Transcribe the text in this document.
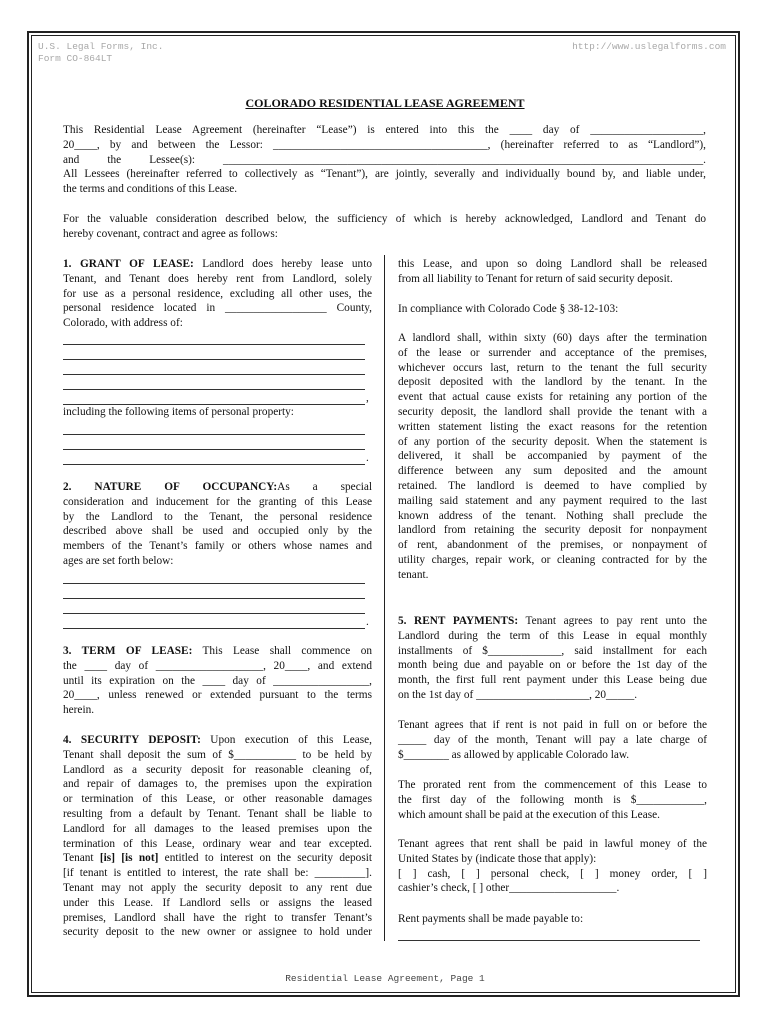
U.S. Legal Forms, Inc.
Form CO-864LT
http://www.uslegalforms.com
COLORADO RESIDENTIAL LEASE AGREEMENT
This Residential Lease Agreement (hereinafter “Lease”) is entered into this the ____ day of ____________________,
20____, by and between the Lessor: ______________________________________, (hereinafter referred to as “Landlord”),
and the Lessee(s): _____________________________________________________________________________________.
All Lessees (hereinafter referred to collectively as “Tenant”), are jointly, severally and individually bound by, and liable under,
the terms and conditions of this Lease.
For the valuable consideration described below, the sufficiency of which is hereby acknowledged, Landlord and Tenant do
hereby covenant, contract and agree as follows:
1. GRANT OF LEASE: Landlord does hereby lease unto
Tenant, and Tenant does hereby rent from Landlord, solely
for use as a personal residence, excluding all other uses, the
personal residence located in __________________ County,
Colorado, with address of:
,
including the following items of personal property:
.
2. NATURE OF OCCUPANCY:As a special
consideration and inducement for the granting of this Lease
by the Landlord to the Tenant, the personal residence
described above shall be used and occupied only by the
members of the Tenant’s family or others whose names and
ages are set forth below:
.
3. TERM OF LEASE: This Lease shall commence on
the ____ day of ___________________, 20____, and extend
until its expiration on the ____ day of _________________,
20____, unless renewed or extended pursuant to the terms
herein.
4. SECURITY DEPOSIT: Upon execution of this Lease,
Tenant shall deposit the sum of $___________ to be held by
Landlord as a security deposit for reasonable cleaning of,
and repair of damages to, the premises upon the expiration
or termination of this Lease, or other reasonable damages
resulting from a default by Tenant. Tenant shall be liable to
Landlord for all damages to the leased premises upon the
termination of this Lease, ordinary wear and tear excepted.
Tenant [is] [is not] entitled to interest on the security deposit
[if tenant is entitled to interest, the rate shall be: _________].
Tenant may not apply the security deposit to any rent due
under this Lease. If Landlord sells or assigns the leased
premises, Landlord shall have the right to transfer Tenant’s
security deposit to the new owner or assignee to hold under
this Lease, and upon so doing Landlord shall be released
from all liability to Tenant for return of said security deposit.
In compliance with Colorado Code § 38-12-103:
A landlord shall, within sixty (60) days after the termination
of the lease or surrender and acceptance of the premises,
whichever occurs last, return to the tenant the full security
deposit deposited with the landlord by the tenant. In the
event that actual cause exists for retaining any portion of the
security deposit, the landlord shall provide the tenant with a
written statement listing the exact reasons for the retention
of any portion of the security deposit. When the statement is
delivered, it shall be accompanied by payment of the
difference between any sum deposited and the amount
retained. The landlord is deemed to have complied by
mailing said statement and any payment required to the last
known address of the tenant. Nothing shall preclude the
landlord from retaining the security deposit for nonpayment
of rent, abandonment of the premises, or nonpayment of
utility charges, repair work, or cleaning contracted for by the
tenant.
5. RENT PAYMENTS: Tenant agrees to pay rent unto the
Landlord during the term of this Lease in equal monthly
installments of $_____________, said installment for each
month being due and payable on or before the 1st day of the
month, the first full rent payment under this Lease being due
on the 1st day of ____________________, 20_____.
Tenant agrees that if rent is not paid in full on or before the
_____ day of the month, Tenant will pay a late charge of
$________ as allowed by applicable Colorado law.
The prorated rent from the commencement of this Lease to
the first day of the following month is $____________,
which amount shall be paid at the execution of this Lease.
Tenant agrees that rent shall be paid in lawful money of the
United States by (indicate those that apply):
[ ] cash, [ ] personal check, [ ] money order, [ ]
cashier’s check, [ ] other___________________.
Rent payments shall be made payable to:
Residential Lease Agreement, Page 1
